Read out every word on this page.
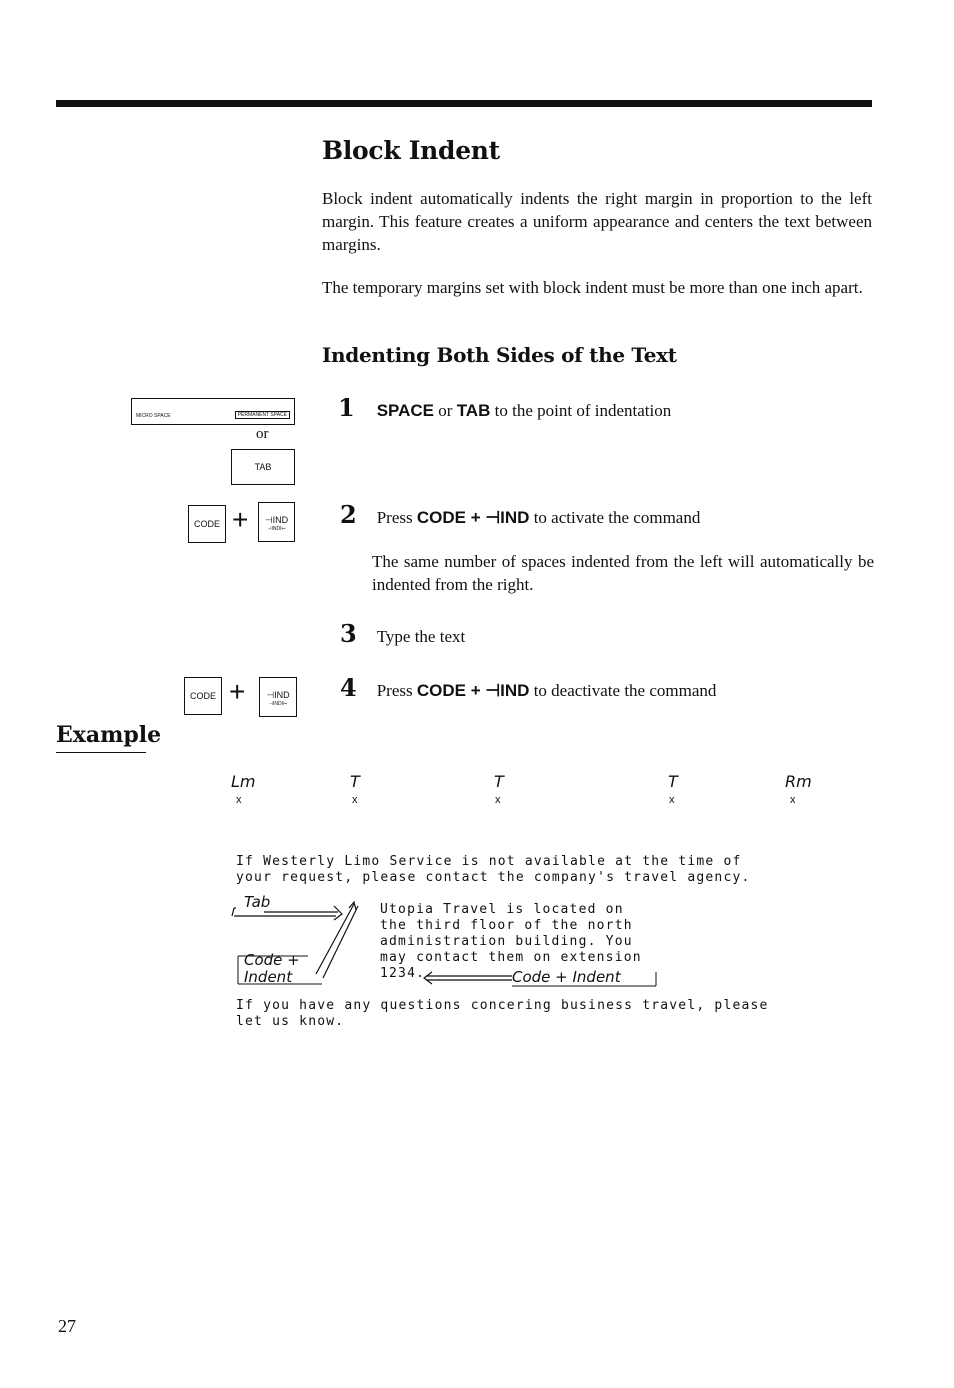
Block Indent
Block indent automatically indents the right margin in proportion to the left margin. This feature creates a uniform appearance and centers the text between margins.
The temporary margins set with block indent must be more than one inch apart.
Indenting Both Sides of the Text
MICRO SPACE	PERMANENT SPACE
or
TAB
CODE +	⊣IND
⊣INDI⊢
CODE +	⊣IND
⊣INDI⊢
1 SPACE or TAB to the point of indentation
2 Press CODE + ⊣IND to activate the command
The same number of spaces indented from the left will automatically be indented from the right.
3 Type the text
4 Press CODE + ⊣IND to deactivate the command
Example
Lm
x
T
x
T
x
T
x
Rm
x
If Westerly Limo Service is not available at the time of
your request, please contact the company's travel agency.
Utopia Travel is located on
the third floor of the north
administration building. You
may contact them on extension
1234.
If you have any questions concering business travel, please
let us know.
Tab
Code +
Indent	Code + Indent
27
